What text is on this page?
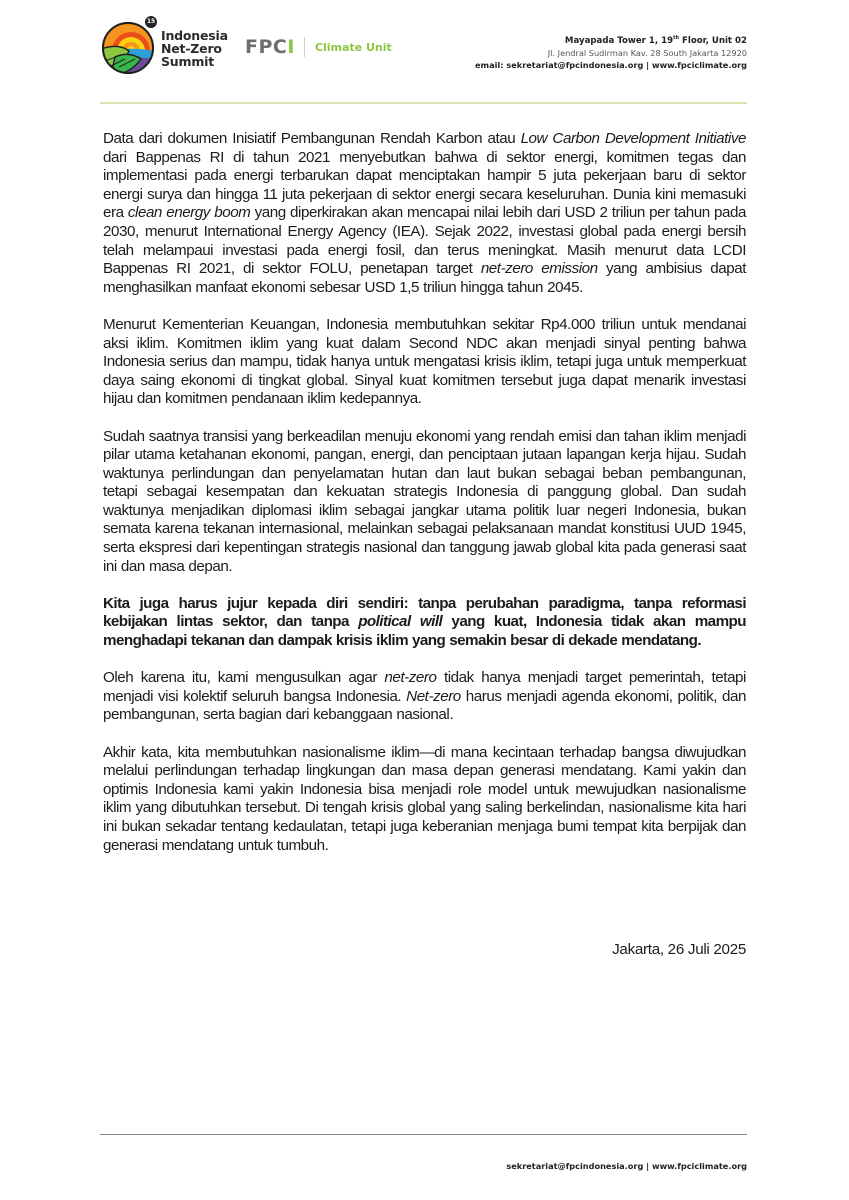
15
Indonesia
Net-Zero
Summit
FPCI Climate Unit	Mayapada Tower 1, 19th Floor, Unit 02
Jl. Jendral Sudirman Kav. 28 South Jakarta 12920
email: sekretariat@fpcindonesia.org | www.fpciclimate.org

Data dari dokumen Inisiatif Pembangunan Rendah Karbon atau Low Carbon Development Initiative dari Bappenas RI di tahun 2021 menyebutkan bahwa di sektor energi, komitmen tegas dan implementasi pada energi terbarukan dapat menciptakan hampir 5 juta pekerjaan baru di sektor energi surya dan hingga 11 juta pekerjaan di sektor energi secara keseluruhan. Dunia kini memasuki era clean energy boom yang diperkirakan akan mencapai nilai lebih dari USD 2 triliun per tahun pada 2030, menurut International Energy Agency (IEA). Sejak 2022, investasi global pada energi bersih telah melampaui investasi pada energi fosil, dan terus meningkat. Masih menurut data LCDI Bappenas RI 2021, di sektor FOLU, penetapan target net-zero emission yang ambisius dapat menghasilkan manfaat ekonomi sebesar USD 1,5 triliun hingga tahun 2045.

Menurut Kementerian Keuangan, Indonesia membutuhkan sekitar Rp4.000 triliun untuk mendanai aksi iklim. Komitmen iklim yang kuat dalam Second NDC akan menjadi sinyal penting bahwa Indonesia serius dan mampu, tidak hanya untuk mengatasi krisis iklim, tetapi juga untuk memperkuat daya saing ekonomi di tingkat global. Sinyal kuat komitmen tersebut juga dapat menarik investasi hijau dan komitmen pendanaan iklim kedepannya.

Sudah saatnya transisi yang berkeadilan menuju ekonomi yang rendah emisi dan tahan iklim menjadi pilar utama ketahanan ekonomi, pangan, energi, dan penciptaan jutaan lapangan kerja hijau. Sudah waktunya perlindungan dan penyelamatan hutan dan laut bukan sebagai beban pembangunan, tetapi sebagai kesempatan dan kekuatan strategis Indonesia di panggung global. Dan sudah waktunya menjadikan diplomasi iklim sebagai jangkar utama politik luar negeri Indonesia, bukan semata karena tekanan internasional, melainkan sebagai pelaksanaan mandat konstitusi UUD 1945, serta ekspresi dari kepentingan strategis nasional dan tanggung jawab global kita pada generasi saat ini dan masa depan.

Kita juga harus jujur kepada diri sendiri: tanpa perubahan paradigma, tanpa reformasi kebijakan lintas sektor, dan tanpa political will yang kuat, Indonesia tidak akan mampu menghadapi tekanan dan dampak krisis iklim yang semakin besar di dekade mendatang.

Oleh karena itu, kami mengusulkan agar net-zero tidak hanya menjadi target pemerintah, tetapi menjadi visi kolektif seluruh bangsa Indonesia. Net-zero harus menjadi agenda ekonomi, politik, dan pembangunan, serta bagian dari kebanggaan nasional.

Akhir kata, kita membutuhkan nasionalisme iklim—di mana kecintaan terhadap bangsa diwujudkan melalui perlindungan terhadap lingkungan dan masa depan generasi mendatang. Kami yakin dan optimis Indonesia kami yakin Indonesia bisa menjadi role model untuk mewujudkan nasionalisme iklim yang dibutuhkan tersebut. Di tengah krisis global yang saling berkelindan, nasionalisme kita hari ini bukan sekadar tentang kedaulatan, tetapi juga keberanian menjaga bumi tempat kita berpijak dan generasi mendatang untuk tumbuh.

Jakarta, 26 Juli 2025
sekretariat@fpcindonesia.org | www.fpciclimate.org
